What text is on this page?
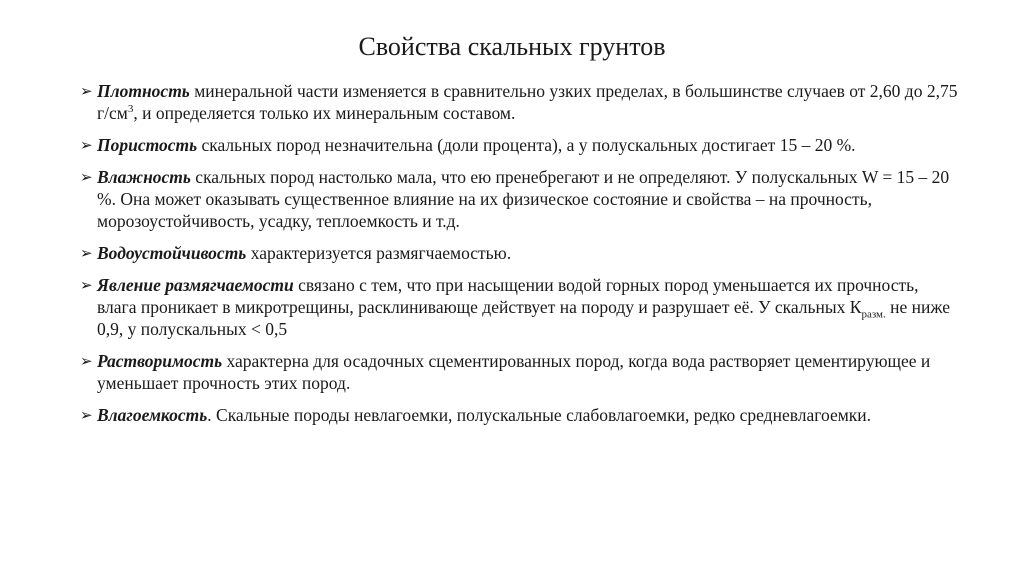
Свойства скальных грунтов
➢ Плотность минеральной части изменяется в сравнительно узких пределах, в большинстве случаев от 2,60 до 2,75 $г/см^3$, и определяется только их минеральным составом.
➢ Пористость скальных пород незначительна (доли процента), а у полускальных достигает 15 – 20 %.
➢ Влажность скальных пород настолько мала, что ею пренебрегают и не определяют. У полускальных W = 15 – 20 %. Она может оказывать существенное влияние на их физическое состояние и свойства – на прочность, морозоустойчивость, усадку, теплоемкость и т.д.
➢ Водоустойчивость характеризуется размягчаемостью.
➢ Явление размягчаемости связано с тем, что при насыщении водой горных пород уменьшается их прочность, влага проникает в микротрещины, расклинивающе действует на породу и разрушает её. У скальных $К_{разм.}$ не ниже 0,9, у полускальных < 0,5
➢ Растворимость характерна для осадочных сцементированных пород, когда вода растворяет цементирующее и уменьшает прочность этих пород.
➢ Влагоемкость. Скальные породы невлагоемки, полускальные слабовлагоемки, редко средневлагоемки.
